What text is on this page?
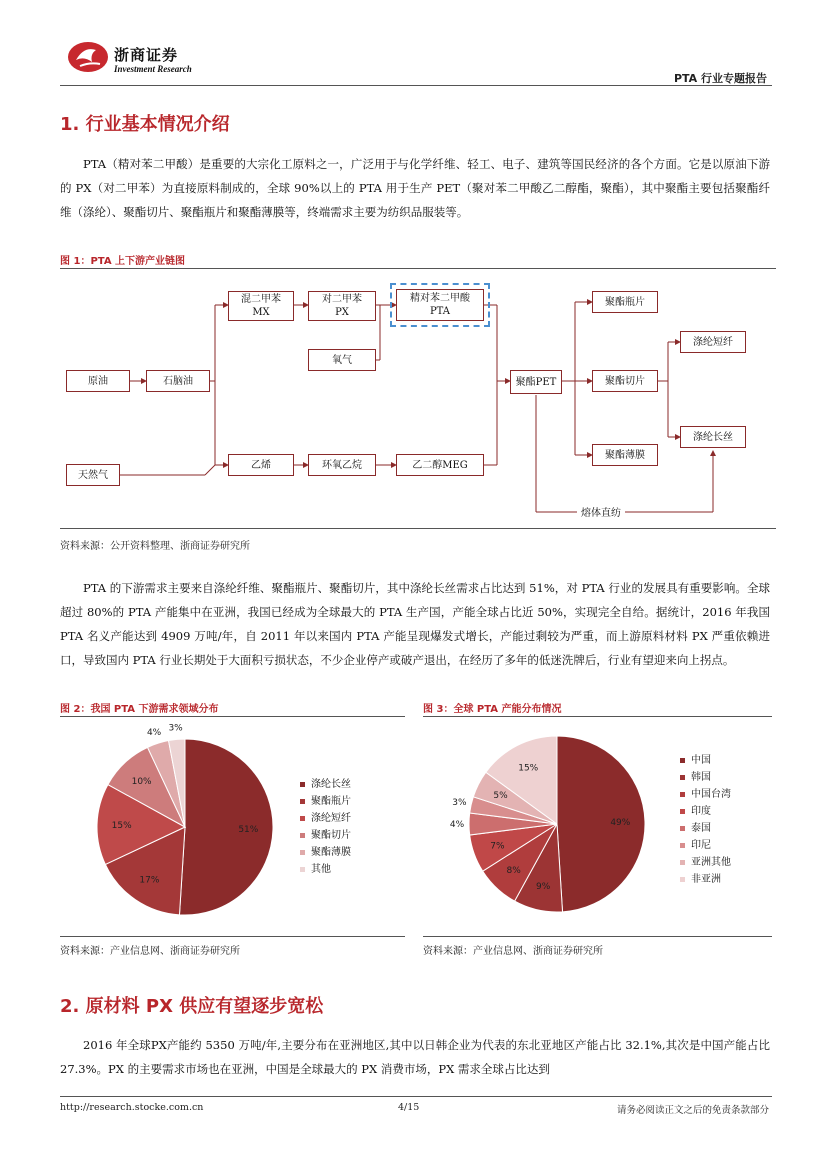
浙商证券
Investment Research
PTA 行业专题报告
1. 行业基本情况介绍

PTA（精对苯二甲酸）是重要的大宗化工原料之一，广泛用于与化学纤维、轻工、电子、建筑等国民经济的各个方面。它是以原油下游的 PX（对二甲苯）为直接原料制成的，全球 90%以上的 PTA 用于生产 PET（聚对苯二甲酸乙二醇酯，聚酯），其中聚酯主要包括聚酯纤维（涤纶）、聚酯切片、聚酯瓶片和聚酯薄膜等，终端需求主要为纺织品服装等。

图 1：PTA 上下游产业链图
原油	石脑油
天然气
混二甲苯
MX
对二甲苯
PX
精对苯二甲酸
PTA
氧气
乙烯	环氧乙烷	乙二醇MEG
聚酯PET
聚酯瓶片
聚酯切片
聚酯薄膜
涤纶短纤
涤纶长丝
熔体直纺
资料来源：公开资料整理、浙商证券研究所

PTA 的下游需求主要来自涤纶纤维、聚酯瓶片、聚酯切片，其中涤纶长丝需求占比达到 51%，对 PTA 行业的发展具有重要影响。全球超过 80%的 PTA 产能集中在亚洲，我国已经成为全球最大的 PTA 生产国，产能全球占比近 50%，实现完全自给。据统计，2016 年我国 PTA 名义产能达到 4909 万吨/年，自 2011 年以来国内 PTA 产能呈现爆发式增长，产能过剩较为严重，而上游原料材料 PX 严重依赖进口，导致国内 PTA 行业长期处于大面积亏损状态，不少企业停产或破产退出，在经历了多年的低迷洗牌后，行业有望迎来向上拐点。

图 2：我国 PTA 下游需求领域分布
51%
17%
15%
10%
4% 3%
涤纶长丝
聚酯瓶片
涤纶短纤
聚酯切片
聚酯薄膜
其他
资料来源：产业信息网、浙商证券研究所
图 3：全球 PTA 产能分布情况
49%
9%
8%
7%
4%
3%
5%
15%
中国
韩国
中国台湾
印度
泰国
印尼
亚洲其他
非亚洲
资料来源：产业信息网、浙商证券研究所
2. 原材料 PX 供应有望逐步宽松

2016 年全球PX产能约 5350 万吨/年,主要分布在亚洲地区,其中以日韩企业为代表的东北亚地区产能占比 32.1%,其次是中国产能占比 27.3%。PX 的主要需求市场也在亚洲，中国是全球最大的 PX 消费市场，PX 需求全球占比达到

http://research.stocke.com.cn	4/15	请务必阅读正文之后的免责条款部分
